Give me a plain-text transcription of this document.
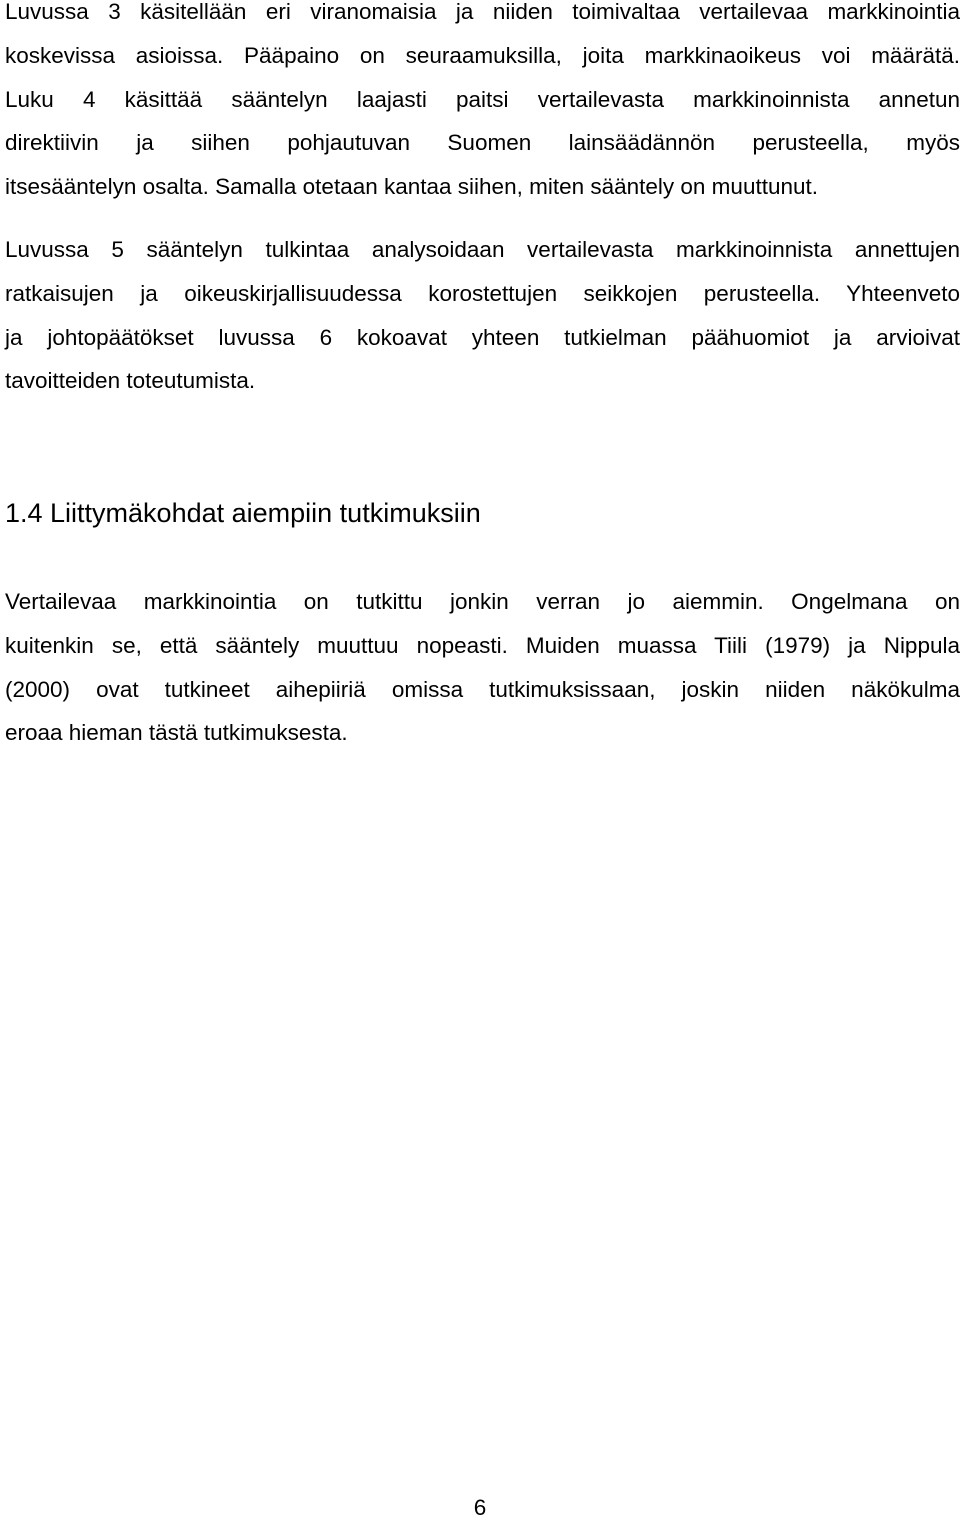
Luvussa 3 käsitellään eri viranomaisia ja niiden toimivaltaa vertailevaa markkinointia
koskevissa asioissa. Pääpaino on seuraamuksilla, joita markkinaoikeus voi määrätä.
Luku 4 käsittää sääntelyn laajasti paitsi vertailevasta markkinoinnista annetun
direktiivin ja siihen pohjautuvan Suomen lainsäädännön perusteella, myös
itsesääntelyn osalta. Samalla otetaan kantaa siihen, miten sääntely on muuttunut.

Luvussa 5 sääntelyn tulkintaa analysoidaan vertailevasta markkinoinnista annettujen
ratkaisujen ja oikeuskirjallisuudessa korostettujen seikkojen perusteella. Yhteenveto
ja johtopäätökset luvussa 6 kokoavat yhteen tutkielman päähuomiot ja arvioivat
tavoitteiden toteutumista.

1.4 Liittymäkohdat aiempiin tutkimuksiin

Vertailevaa markkinointia on tutkittu jonkin verran jo aiemmin. Ongelmana on
kuitenkin se, että sääntely muuttuu nopeasti. Muiden muassa Tiili (1979) ja Nippula
(2000) ovat tutkineet aihepiiriä omissa tutkimuksissaan, joskin niiden näkökulma
eroaa hieman tästä tutkimuksesta.

6
